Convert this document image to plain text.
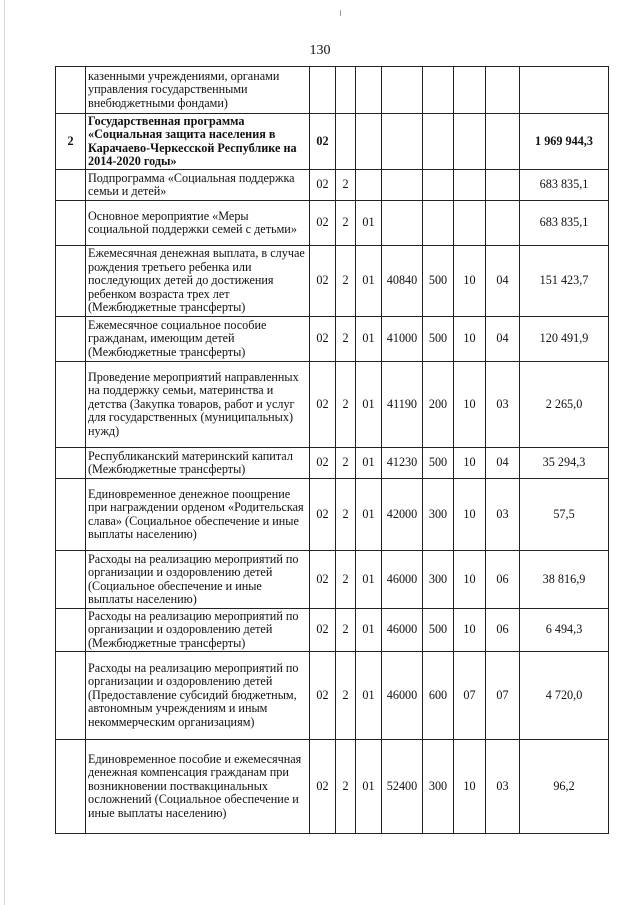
130
	казенными учреждениями, органами управления государственными внебюджетными фондами)								
2	Государственная программа «Социальная защита населения в Карачаево-Черкесской Республике на 2014-2020 годы»	02							1 969 944,3
	Подпрограмма «Социальная поддержка семьи и детей»	02	2						683 835,1
	Основное мероприятие «Меры социальной поддержки семей с детьми»	02	2	01					683 835,1
	Ежемесячная денежная выплата, в случае рождения третьего ребенка или последующих детей до достижения ребенком возраста трех лет (Межбюджетные трансферты)	02	2	01	40840	500	10	04	151 423,7
	Ежемесячное социальное пособие гражданам, имеющим детей (Межбюджетные трансферты)	02	2	01	41000	500	10	04	120 491,9
	Проведение мероприятий направленных на поддержку семьи, материнства и детства (Закупка товаров, работ и услуг для государственных (муниципальных) нужд)	02	2	01	41190	200	10	03	2 265,0
	Республиканский материнский капитал (Межбюджетные трансферты)	02	2	01	41230	500	10	04	35 294,3
	Единовременное денежное поощрение при награждении орденом «Родительская слава» (Социальное обеспечение и иные выплаты населению)	02	2	01	42000	300	10	03	57,5
	Расходы на реализацию мероприятий по организации и оздоровлению детей (Социальное обеспечение и иные выплаты населению)	02	2	01	46000	300	10	06	38 816,9
	Расходы на реализацию мероприятий по организации и оздоровлению детей (Межбюджетные трансферты)	02	2	01	46000	500	10	06	6 494,3
	Расходы на реализацию мероприятий по организации и оздоровлению детей (Предоставление субсидий бюджетным, автономным учреждениям и иным некоммерческим организациям)	02	2	01	46000	600	07	07	4 720,0
	Единовременное пособие и ежемесячная денежная компенсация гражданам при возникновении поствакцинальных осложнений (Социальное обеспечение и иные выплаты населению)	02	2	01	52400	300	10	03	96,2
